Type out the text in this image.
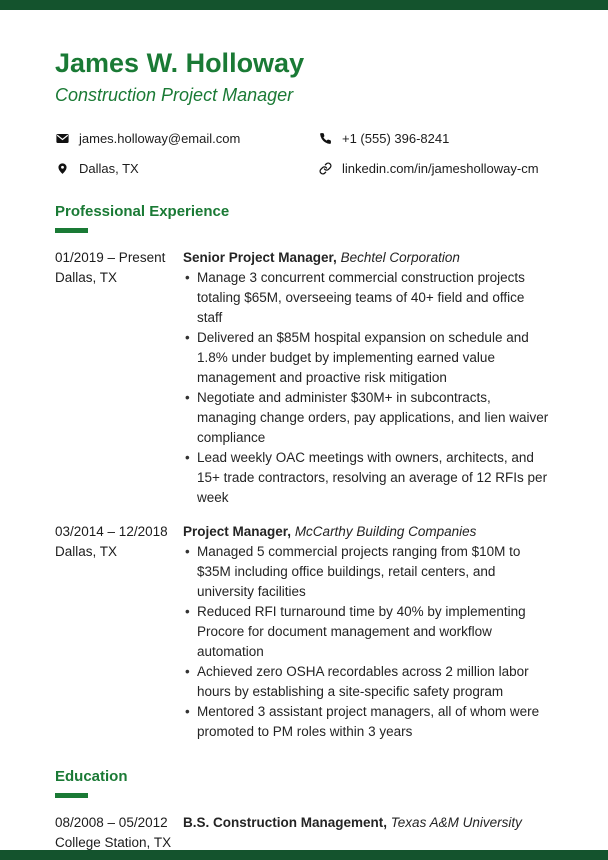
James W. Holloway
Construction Project Manager
james.holloway@email.com	+1 (555) 396-8241
Dallas, TX	linkedin.com/in/jamesholloway-cm
Professional Experience
01/2019 – Present
Dallas, TX
Senior Project Manager, Bechtel Corporation
• Manage 3 concurrent commercial construction projects totaling $65M, overseeing teams of 40+ field and office staff
• Delivered an $85M hospital expansion on schedule and 1.8% under budget by implementing earned value management and proactive risk mitigation
• Negotiate and administer $30M+ in subcontracts, managing change orders, pay applications, and lien waiver compliance
• Lead weekly OAC meetings with owners, architects, and 15+ trade contractors, resolving an average of 12 RFIs per week
03/2014 – 12/2018
Dallas, TX
Project Manager, McCarthy Building Companies
• Managed 5 commercial projects ranging from $10M to $35M including office buildings, retail centers, and university facilities
• Reduced RFI turnaround time by 40% by implementing Procore for document management and workflow automation
• Achieved zero OSHA recordables across 2 million labor hours by establishing a site-specific safety program
• Mentored 3 assistant project managers, all of whom were promoted to PM roles within 3 years
Education
08/2008 – 05/2012
College Station, TX
B.S. Construction Management, Texas A&M University
